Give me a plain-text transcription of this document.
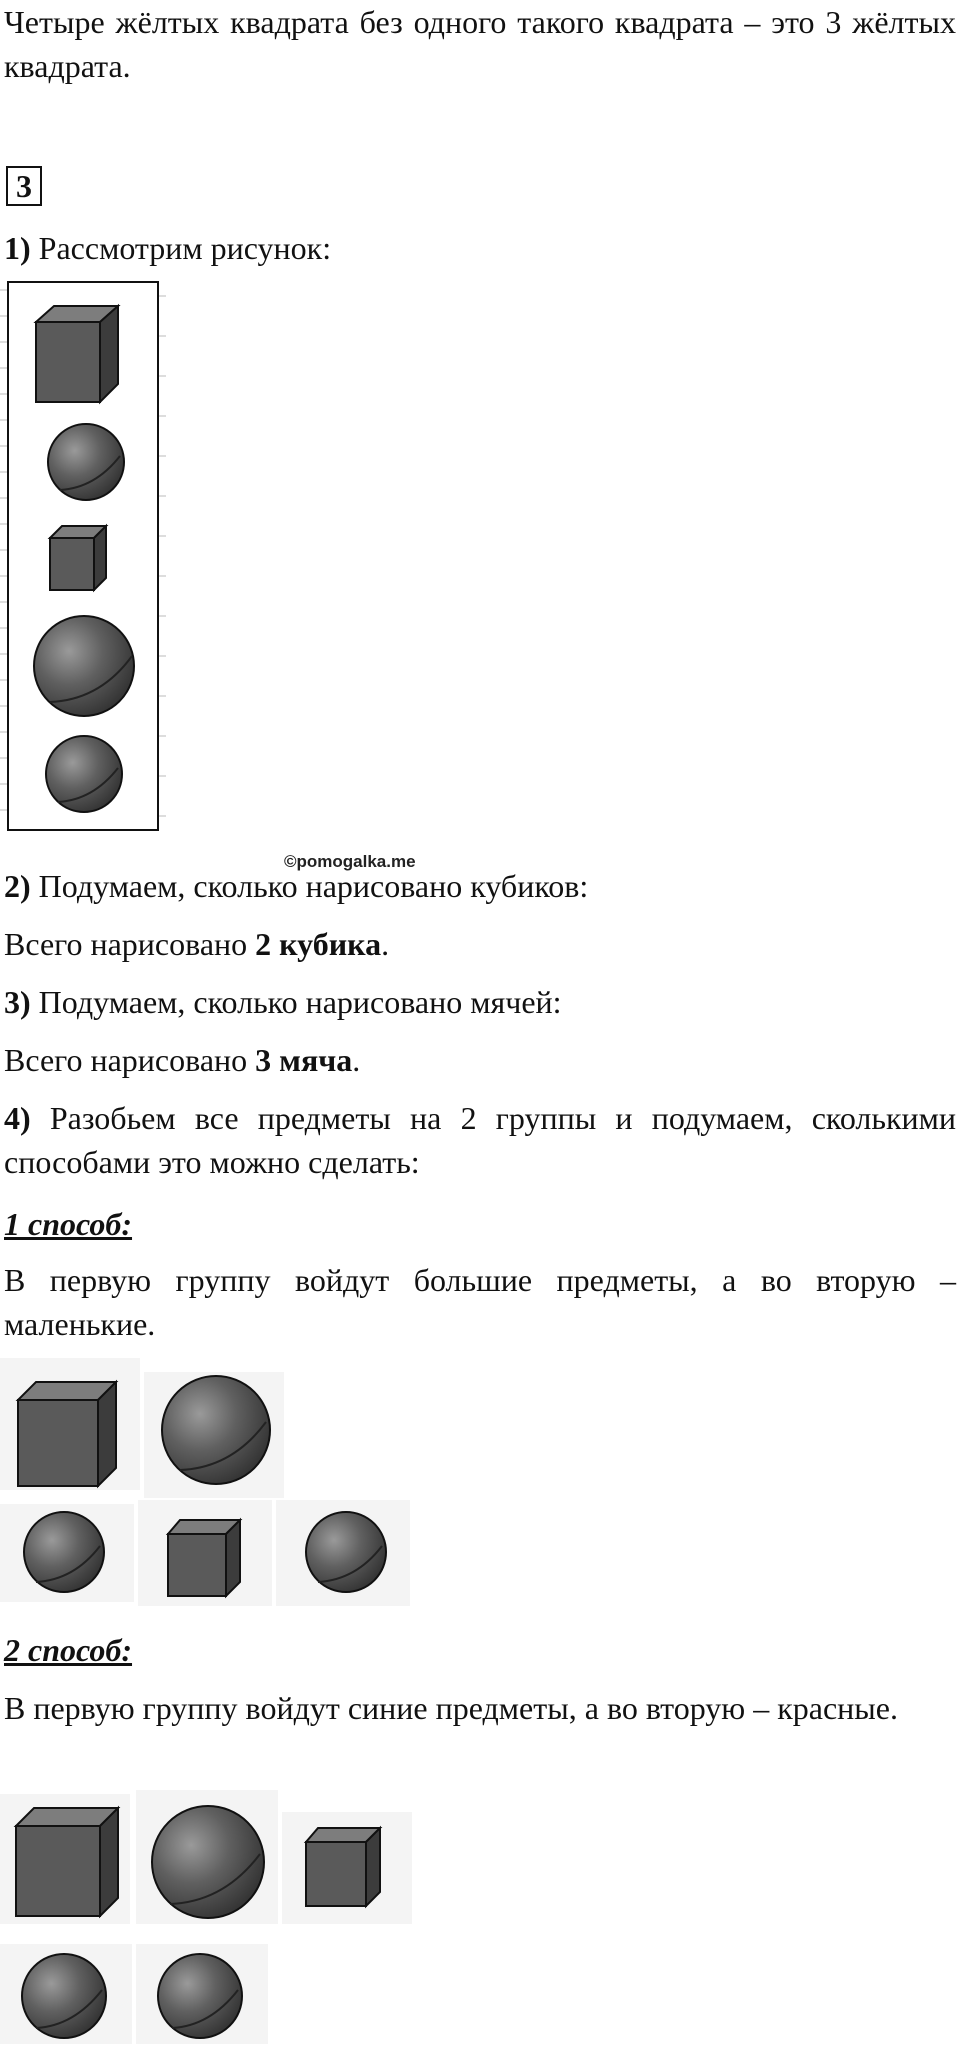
Четыре жёлтых квадрата без одного такого квадрата – это 3 жёлтых квадрата.

3

1) Рассмотрим рисунок:

©pomogalka.me

2) Подумаем, сколько нарисовано кубиков:

Всего нарисовано 2 кубика.

3) Подумаем, сколько нарисовано мячей:

Всего нарисовано 3 мяча.

4) Разобьем все предметы на 2 группы и подумаем, сколькими способами это можно сделать:

1 способ:

В первую группу войдут большие предметы, а во вторую – маленькие.

2 способ:

В первую группу войдут синие предметы, а во вторую – красные.
